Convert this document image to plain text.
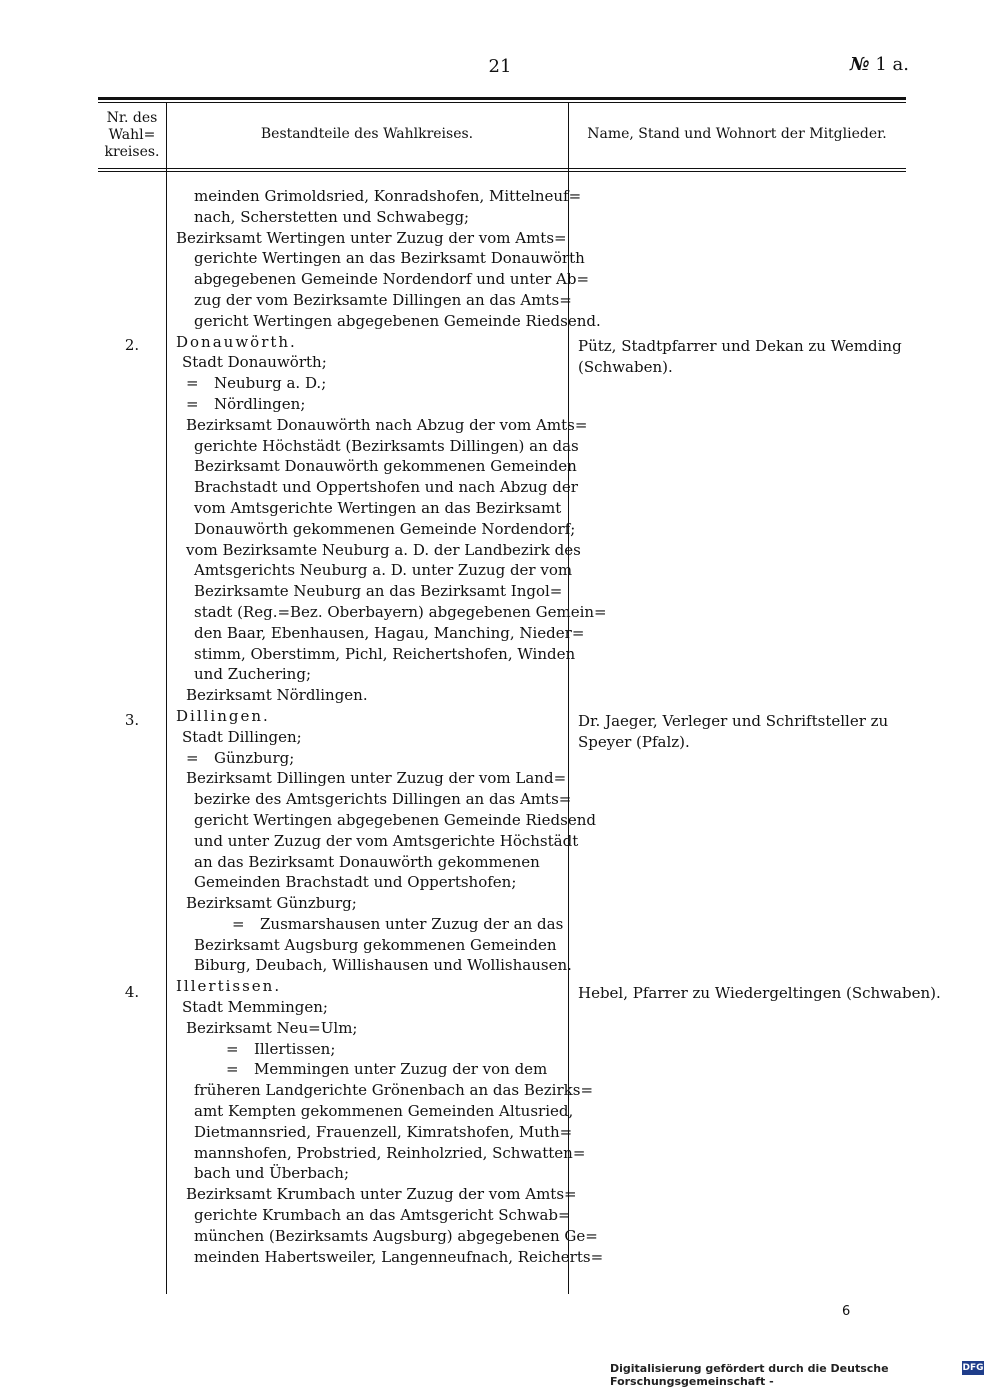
21	№ 1 a.
Nr. des
Wahl=
kreises.
Bestandteile des Wahlkreises.	Name, Stand und Wohnort der Mitglieder.
2.
3.
4.
Pütz, Stadtpfarrer und Dekan zu Wemding
(Schwaben).
Dr. Jaeger, Verleger und Schriftsteller zu
Speyer (Pfalz).
Hebel, Pfarrer zu Wiedergeltingen (Schwaben).
meinden Grimoldsried, Konradshofen, Mittelneuf=
nach, Scherstetten und Schwabegg;
Bezirksamt Wertingen unter Zuzug der vom Amts=
gerichte Wertingen an das Bezirksamt Donauwörth
abgegebenen Gemeinde Nordendorf und unter Ab=
zug der vom Bezirksamte Dillingen an das Amts=
gericht Wertingen abgegebenen Gemeinde Riedsend.
Donauwörth.
Stadt Donauwörth;
= Neuburg a. D.;
= Nördlingen;
Bezirksamt Donauwörth nach Abzug der vom Amts=
gerichte Höchstädt (Bezirksamts Dillingen) an das
Bezirksamt Donauwörth gekommenen Gemeinden
Brachstadt und Oppertshofen und nach Abzug der
vom Amtsgerichte Wertingen an das Bezirksamt
Donauwörth gekommenen Gemeinde Nordendorf;
vom Bezirksamte Neuburg a. D. der Landbezirk des
Amtsgerichts Neuburg a. D. unter Zuzug der vom
Bezirksamte Neuburg an das Bezirksamt Ingol=
stadt (Reg.=Bez. Oberbayern) abgegebenen Gemein=
den Baar, Ebenhausen, Hagau, Manching, Nieder=
stimm, Oberstimm, Pichl, Reichertshofen, Winden
und Zuchering;
Bezirksamt Nördlingen.
Dillingen.
Stadt Dillingen;
= Günzburg;
Bezirksamt Dillingen unter Zuzug der vom Land=
bezirke des Amtsgerichts Dillingen an das Amts=
gericht Wertingen abgegebenen Gemeinde Riedsend
und unter Zuzug der vom Amtsgerichte Höchstädt
an das Bezirksamt Donauwörth gekommenen
Gemeinden Brachstadt und Oppertshofen;
Bezirksamt Günzburg;
= Zusmarshausen unter Zuzug der an das
Bezirksamt Augsburg gekommenen Gemeinden
Biburg, Deubach, Willishausen und Wollishausen.
Illertissen.
Stadt Memmingen;
Bezirksamt Neu=Ulm;
= Illertissen;
= Memmingen unter Zuzug der von dem
früheren Landgerichte Grönenbach an das Bezirks=
amt Kempten gekommenen Gemeinden Altusried,
Dietmannsried, Frauenzell, Kimratshofen, Muth=
mannshofen, Probstried, Reinholzried, Schwatten=
bach und Überbach;
Bezirksamt Krumbach unter Zuzug der vom Amts=
gerichte Krumbach an das Amtsgericht Schwab=
münchen (Bezirksamts Augsburg) abgegebenen Ge=
meinden Habertsweiler, Langenneufnach, Reicherts=
6
Digitalisierung gefördert durch die Deutsche Forschungsgemeinschaft -
DFG
